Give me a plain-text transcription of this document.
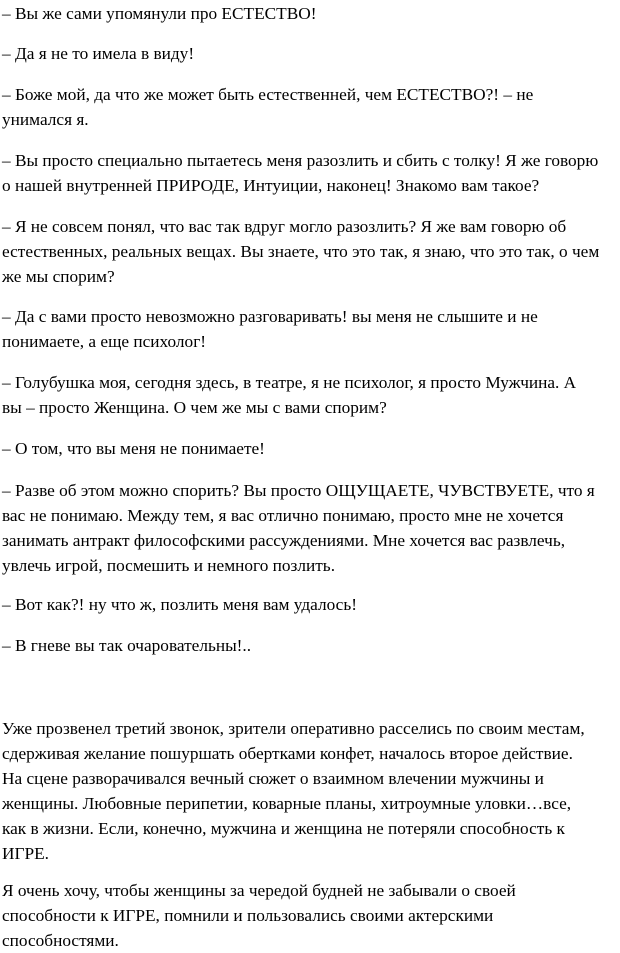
– Вы же сами упомянули про ЕСТЕСТВО!

– Да я не то имела в виду!

– Боже мой, да что же может быть естественней, чем ЕСТЕСТВО?! – не
унимался я.

– Вы просто специально пытаетесь меня разозлить и сбить с толку! Я же говорю
о нашей внутренней ПРИРОДЕ, Интуиции, наконец! Знакомо вам такое?

– Я не совсем понял, что вас так вдруг могло разозлить? Я же вам говорю об
естественных, реальных вещах. Вы знаете, что это так, я знаю, что это так, о чем
же мы спорим?

– Да с вами просто невозможно разговаривать! вы меня не слышите и не
понимаете, а еще психолог!

– Голубушка моя, сегодня здесь, в театре, я не психолог, я просто Мужчина. А
вы – просто Женщина. О чем же мы с вами спорим?

– О том, что вы меня не понимаете!

– Разве об этом можно спорить? Вы просто ОЩУЩАЕТЕ, ЧУВСТВУЕТЕ, что я
вас не понимаю. Между тем, я вас отлично понимаю, просто мне не хочется
занимать антракт философскими рассуждениями. Мне хочется вас развлечь,
увлечь игрой, посмешить и немного позлить.

– Вот как?! ну что ж, позлить меня вам удалось!

– В гневе вы так очаровательны!..

Уже прозвенел третий звонок, зрители оперативно расселись по своим местам,
сдерживая желание пошуршать обертками конфет, началось второе действие.
На сцене разворачивался вечный сюжет о взаимном влечении мужчины и
женщины. Любовные перипетии, коварные планы, хитроумные уловки…все,
как в жизни. Если, конечно, мужчина и женщина не потеряли способность к
ИГРЕ.

Я очень хочу, чтобы женщины за чередой будней не забывали о своей
способности к ИГРЕ, помнили и пользовались своими актерскими
способностями.
